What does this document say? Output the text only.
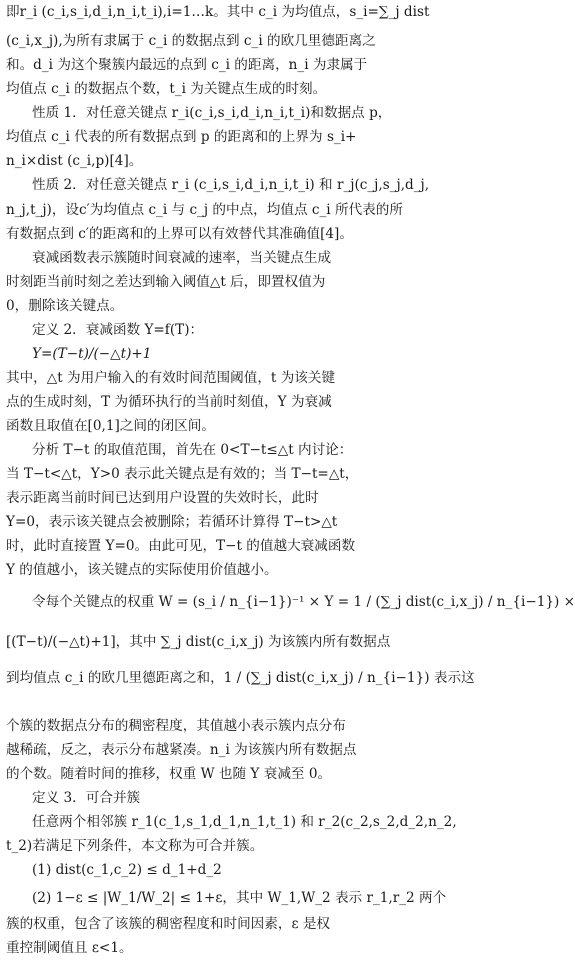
即r_i (c_i,s_i,d_i,n_i,t_i),i=1…k。其中 c_i 为均值点，s_i=∑_j dist
(c_i,x_j),为所有隶属于 c_i 的数据点到 c_i 的欧几里德距离之
和。d_i 为这个聚簇内最远的点到 c_i 的距离，n_i 为隶属于
均值点 c_i 的数据点个数，t_i 为关键点生成的时刻。
性质 1．对任意关键点 r_i(c_i,s_i,d_i,n_i,t_i)和数据点 p，
均值点 c_i 代表的所有数据点到 p 的距离和的上界为 s_i+
n_i×dist (c_i,p)[4]。
性质 2．对任意关键点 r_i (c_i,s_i,d_i,n_i,t_i) 和 r_j(c_j,s_j,d_j,
n_j,t_j)，设c′为均值点 c_i 与 c_j 的中点，均值点 c_i 所代表的所
有数据点到 c′的距离和的上界可以有效替代其准确值[4]。
衰减函数表示簇随时间衰减的速率，当关键点生成
时刻距当前时刻之差达到输入阈值△t 后，即置权值为
0，删除该关键点。
定义 2．衰减函数 Y=f(T)：
Y=(T−t)/(−△t)+1
其中，△t 为用户输入的有效时间范围阈值，t 为该关键
点的生成时刻，T 为循环执行的当前时刻值，Y 为衰减
函数且取值在[0,1]之间的闭区间。
分析 T−t 的取值范围，首先在 0<T−t≤△t 内讨论：
当 T−t<△t，Y>0 表示此关键点是有效的；当 T−t=△t，
表示距离当前时间已达到用户设置的失效时长，此时
Y=0，表示该关键点会被删除；若循环计算得 T−t>△t
时，此时直接置 Y=0。由此可见，T−t 的值越大衰减函数
Y 的值越小，该关键点的实际使用价值越小。
令每个关键点的权重 W = (s_i / n_{i−1})⁻¹ × Y = 1 / (∑_j dist(c_i,x_j) / n_{i−1}) ×
[(T−t)/(−△t)+1]，其中 ∑_j dist(c_i,x_j) 为该簇内所有数据点
到均值点 c_i 的欧几里德距离之和，1 / (∑_j dist(c_i,x_j) / n_{i−1}) 表示这
个簇的数据点分布的稠密程度，其值越小表示簇内点分布
越稀疏，反之，表示分布越紧凑。n_i 为该簇内所有数据点
的个数。随着时间的推移，权重 W 也随 Y 衰减至 0。
定义 3．可合并簇
任意两个相邻簇 r_1(c_1,s_1,d_1,n_1,t_1) 和 r_2(c_2,s_2,d_2,n_2,
t_2)若满足下列条件，本文称为可合并簇。
(1) dist(c_1,c_2) ≤ d_1+d_2
(2) 1−ε ≤ |W_1/W_2| ≤ 1+ε，其中 W_1,W_2 表示 r_1,r_2 两个
簇的权重，包含了该簇的稠密程度和时间因素，ε 是权
重控制阈值且 ε<1。
